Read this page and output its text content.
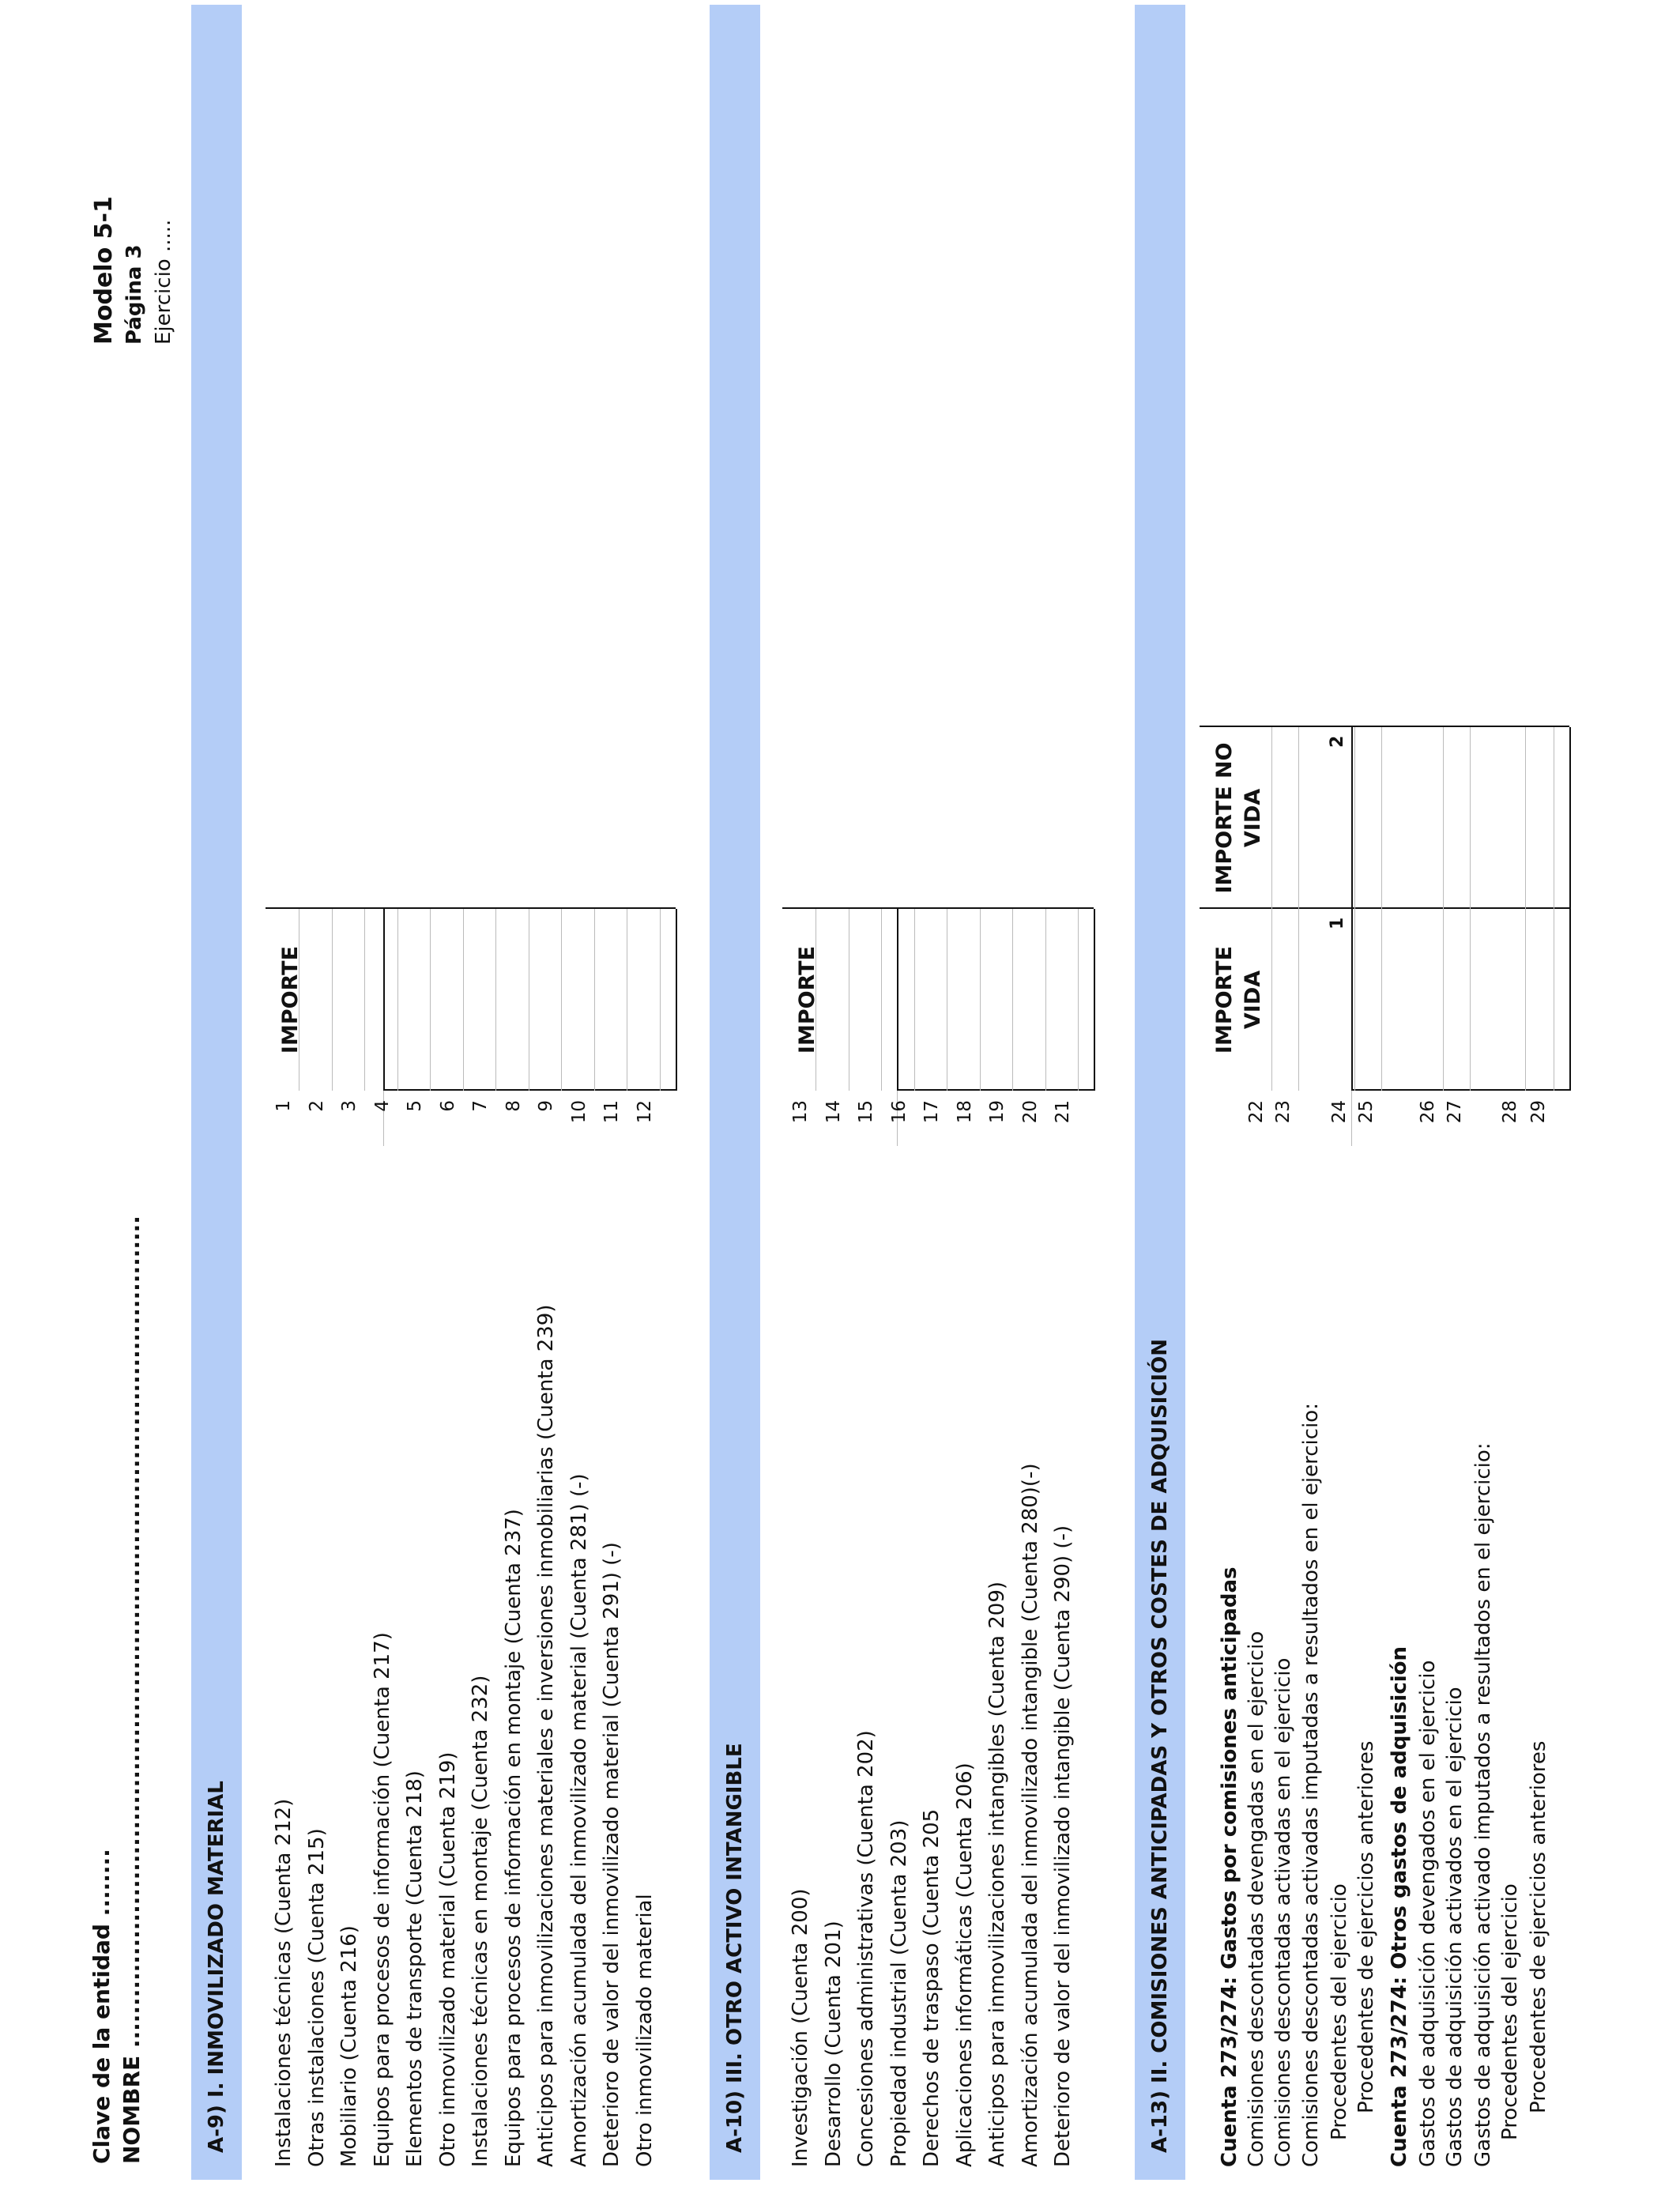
Clave de la entidad ........ NOMBRE ...................................................................................................
Modelo 5-1 Página 3 Ejercicio .....
A-9) I. INMOVILIZADO MATERIAL
IMPORTE
Instalaciones técnicas (Cuenta 212)
1
Otras instalaciones (Cuenta 215)
2
Mobiliario (Cuenta 216)
3
Equipos para procesos de información (Cuenta 217)
4
Elementos de transporte (Cuenta 218)
5
Otro inmovilizado material (Cuenta 219)
6
Instalaciones técnicas en montaje (Cuenta 232)
7
Equipos para procesos de información en montaje (Cuenta 237)
8
Anticipos para inmovilizaciones materiales e inversiones inmobiliarias (Cuenta 239)
9
Amortización acumulada del inmovilizado material (Cuenta 281) (-)
10
Deterioro de valor del inmovilizado material (Cuenta 291) (-)
11
Otro inmovilizado material
12
A-10) III. OTRO ACTIVO INTANGIBLE
IMPORTE
Investigación (Cuenta 200)
13
Desarrollo (Cuenta 201)
14
Concesiones administrativas (Cuenta 202)
15
Propiedad industrial (Cuenta 203)
16
Derechos de traspaso (Cuenta 205
17
Aplicaciones informáticas (Cuenta 206)
18
Anticipos para inmovilizaciones intangibles (Cuenta 209)
19
Amortización acumulada del inmovilizado intangible (Cuenta 280)(-)
20
Deterioro de valor del inmovilizado intangible (Cuenta 290) (-)
21
A-13) II. COMISIONES ANTICIPADAS Y OTROS COSTES DE ADQUISICIÓN
IMPORTE VIDA
1
IMPORTE NO VIDA
2
Cuenta 273/274: Gastos por comisiones anticipadas Comisiones descontadas devengadas en el ejercicio
22
Comisiones descontadas activadas en el ejercicio
23
Comisiones descontadas activadas imputadas a resultados en el ejercicio: Procedentes del ejercicio
24
Procedentes de ejercicios anteriores
25
Cuenta 273/274: Otros gastos de adquisición Gastos de adquisición devengados en el ejercicio
26
Gastos de adquisición activados en el ejercicio
27
Gastos de adquisición activado imputados a resultados en el ejercicio: Procedentes del ejercicio
28
Procedentes de ejercicios anteriores
29
